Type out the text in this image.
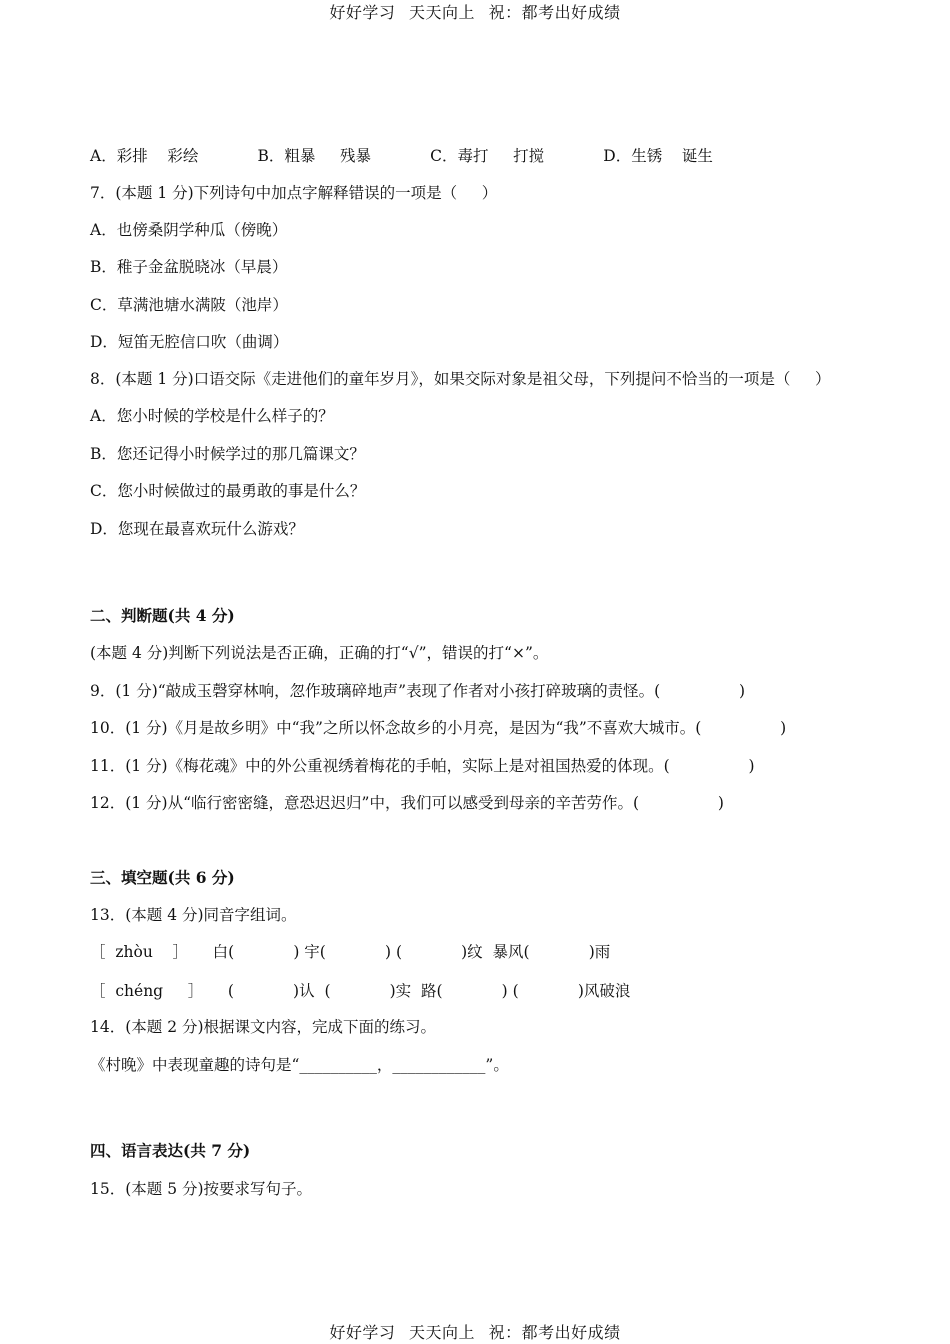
好好学习 天天向上 祝：都考出好成绩
A．彩排    彩绘            B．粗暴     残暴            C．毒打     打搅            D．生锈    诞生
7．(本题 1 分)下列诗句中加点字解释错误的一项是（     ）
A．也傍桑阴学种瓜（傍晚）
B．稚子金盆脱晓冰（早晨）
C．草满池塘水满陂（池岸）
D．短笛无腔信口吹（曲调）
8．(本题 1 分)口语交际《走进他们的童年岁月》，如果交际对象是祖父母，下列提问不恰当的一项是（     ）
A．您小时候的学校是什么样子的？
B．您还记得小时候学过的那几篇课文？
C．您小时候做过的最勇敢的事是什么？
D．您现在最喜欢玩什么游戏？
二、判断题(共 4 分)
(本题 4 分)判断下列说法是否正确，正确的打“√”，错误的打“×”。
9．(1 分)“敲成玉磬穿林响，忽作玻璃碎地声”表现了作者对小孩打碎玻璃的责怪。(                )
10．(1 分)《月是故乡明》中“我”之所以怀念故乡的小月亮，是因为“我”不喜欢大城市。(                )
11．(1 分)《梅花魂》中的外公重视绣着梅花的手帕，实际上是对祖国热爱的体现。(                )
12．(1 分)从“临行密密缝，意恐迟迟归”中，我们可以感受到母亲的辛苦劳作。(                )
三、填空题(共 6 分)
13．(本题 4 分)同音字组词。
［  zhòu    ］     白(            ) 宇(            ) (            )纹  暴风(            )雨
［  chéng     ］     (            )认  (            )实  路(            ) (            )风破浪
14．(本题 2 分)根据课文内容，完成下面的练习。
《村晚》中表现童趣的诗句是“__________，____________”。
四、语言表达(共 7 分)
15．(本题 5 分)按要求写句子。
好好学习 天天向上 祝：都考出好成绩
